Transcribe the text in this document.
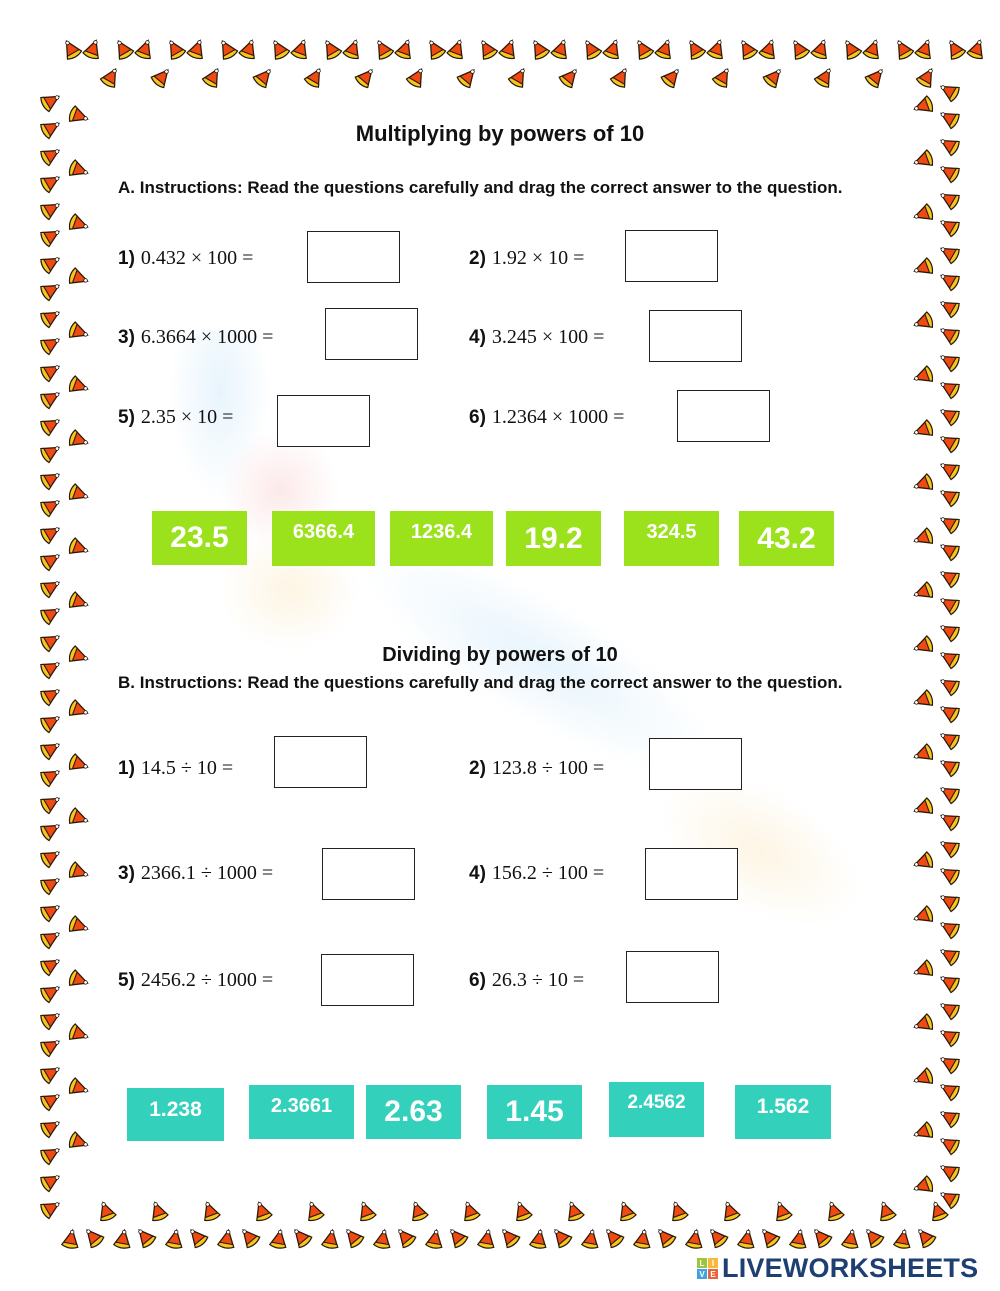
Multiplying by powers of 10
A. Instructions: Read the questions carefully and drag the correct answer to the question.
1) 0.432 × 100 =	2) 1.92 × 10 =
3) 6.3664 × 1000 =	4) 3.245 × 100 =
5) 2.35 × 10 =	6) 1.2364 × 1000 =
23.5	6366.4	1236.4	19.2	324.5	43.2
Dividing by powers of 10
B. Instructions: Read the questions carefully and drag the correct answer to the question.
1) 14.5 ÷ 10 =	2) 123.8 ÷ 100 =
3) 2366.1 ÷ 1000 =	4) 156.2 ÷ 100 =
5) 2456.2 ÷ 1000 =	6) 26.3 ÷ 10 =
1.238	2.3661	2.63	1.45	2.4562	1.562
L I
V E LIVEWORKSHEETS
